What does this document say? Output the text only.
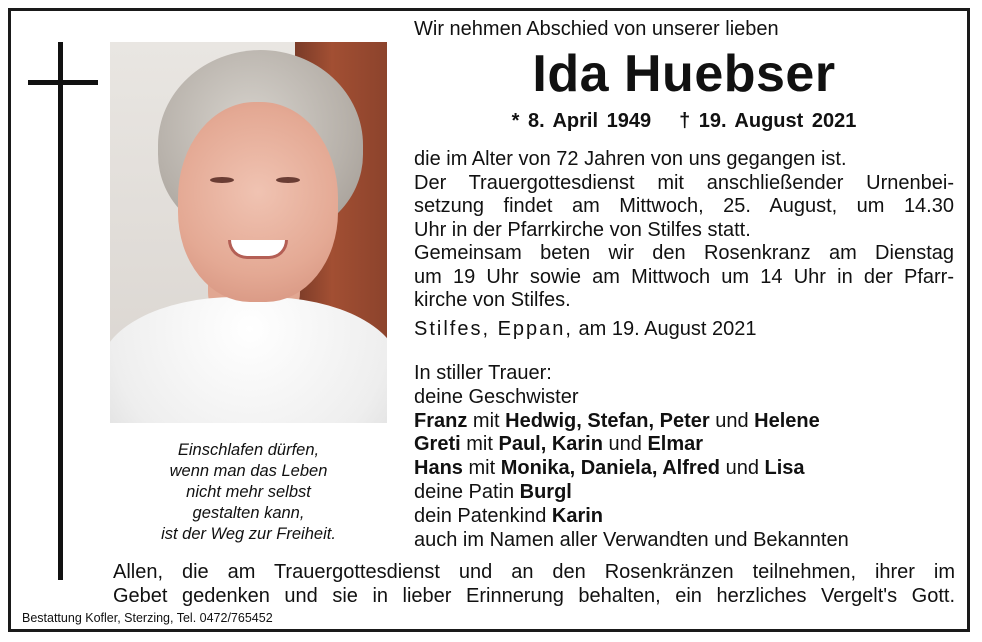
Einschlafen dürfen,
wenn man das Leben
nicht mehr selbst
gestalten kann,
ist der Weg zur Freiheit.
Wir nehmen Abschied von unserer lieben
Ida Huebser
* 8. April 1949 † 19. August 2021
die im Alter von 72 Jahren von uns gegangen ist.
Der Trauergottesdienst mit anschließender Urnenbei-
setzung findet am Mittwoch, 25. August, um 14.30
Uhr in der Pfarrkirche von Stilfes statt.
Gemeinsam beten wir den Rosenkranz am Dienstag
um 19 Uhr sowie am Mittwoch um 14 Uhr in der Pfarr-
kirche von Stilfes.
Stilfes, Eppan, am 19. August 2021
In stiller Trauer:
deine Geschwister
Franz mit Hedwig, Stefan, Peter und Helene
Greti mit Paul, Karin und Elmar
Hans mit Monika, Daniela, Alfred und Lisa
deine Patin Burgl
dein Patenkind Karin
auch im Namen aller Verwandten und Bekannten
Allen, die am Trauergottesdienst und an den Rosenkränzen teilnehmen, ihrer im
Gebet gedenken und sie in lieber Erinnerung behalten, ein herzliches Vergelt's Gott.
Bestattung Kofler, Sterzing, Tel. 0472/765452
